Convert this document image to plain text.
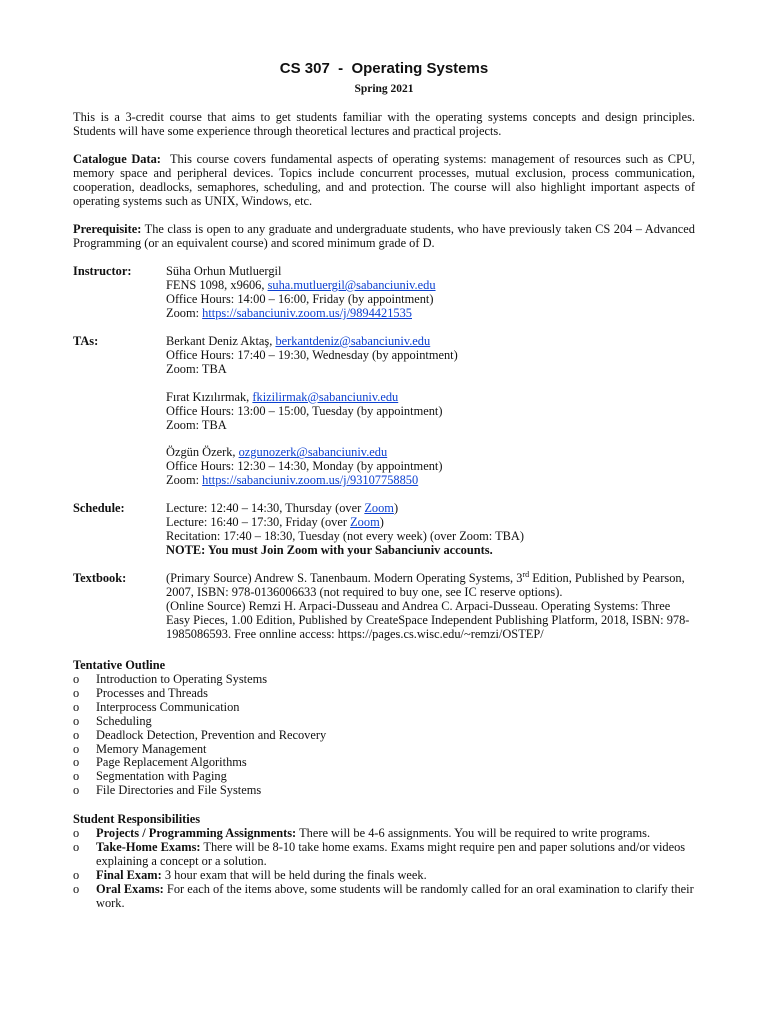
CS 307  -  Operating Systems
Spring 2021
This is a 3-credit course that aims to get students familiar with the operating systems concepts and design principles. Students will have some experience through theoretical lectures and practical projects.
Catalogue Data: This course covers fundamental aspects of operating systems: management of resources such as CPU, memory space and peripheral devices. Topics include concurrent processes, mutual exclusion, process communication, cooperation, deadlocks, semaphores, scheduling, and and protection. The course will also highlight important aspects of operating systems such as UNIX, Windows, etc.
Prerequisite: The class is open to any graduate and undergraduate students, who have previously taken CS 204 – Advanced Programming (or an equivalent course) and scored minimum grade of D.
Instructor:	Süha Orhun Mutluergil
FENS 1098, x9606, suha.mutluergil@sabanciuniv.edu
Office Hours: 14:00 – 16:00, Friday (by appointment)
Zoom: https://sabanciuniv.zoom.us/j/9894421535
TAs:	Berkant Deniz Aktaş, berkantdeniz@sabanciuniv.edu
Office Hours: 17:40 – 19:30, Wednesday (by appointment)
Zoom: TBA
Fırat Kızılırmak, fkizilirmak@sabanciuniv.edu
Office Hours: 13:00 – 15:00, Tuesday (by appointment)
Zoom: TBA
Özgün Özerk, ozgunozerk@sabanciuniv.edu
Office Hours: 12:30 – 14:30, Monday (by appointment)
Zoom: https://sabanciuniv.zoom.us/j/93107758850
Schedule:	Lecture: 12:40 – 14:30, Thursday (over Zoom)
Lecture: 16:40 – 17:30, Friday (over Zoom)
Recitation: 17:40 – 18:30, Tuesday (not every week) (over Zoom: TBA)
NOTE: You must Join Zoom with your Sabanciuniv accounts.
Textbook:	(Primary Source) Andrew S. Tanenbaum. Modern Operating Systems, 3rd Edition, Published by Pearson, 2007, ISBN: 978-0136006633 (not required to buy one, see IC reserve options).
(Online Source) Remzi H. Arpaci-Dusseau and Andrea C. Arpaci-Dusseau. Operating Systems: Three Easy Pieces, 1.00 Edition, Published by CreateSpace Independent Publishing Platform, 2018, ISBN: 978-1985086593. Free onnline access: https://pages.cs.wisc.edu/~remzi/OSTEP/
Tentative Outline
o Introduction to Operating Systems
o Processes and Threads
o Interprocess Communication
o Scheduling
o Deadlock Detection, Prevention and Recovery
o Memory Management
o Page Replacement Algorithms
o Segmentation with Paging
o File Directories and File Systems
Student Responsibilities
o Projects / Programming Assignments: There will be 4-6 assignments. You will be required to write programs.
o Take-Home Exams: There will be 8-10 take home exams. Exams might require pen and paper solutions and/or videos explaining a concept or a solution.
o Final Exam: 3 hour exam that will be held during the finals week.
o Oral Exams: For each of the items above, some students will be randomly called for an oral examination to clarify their work.
